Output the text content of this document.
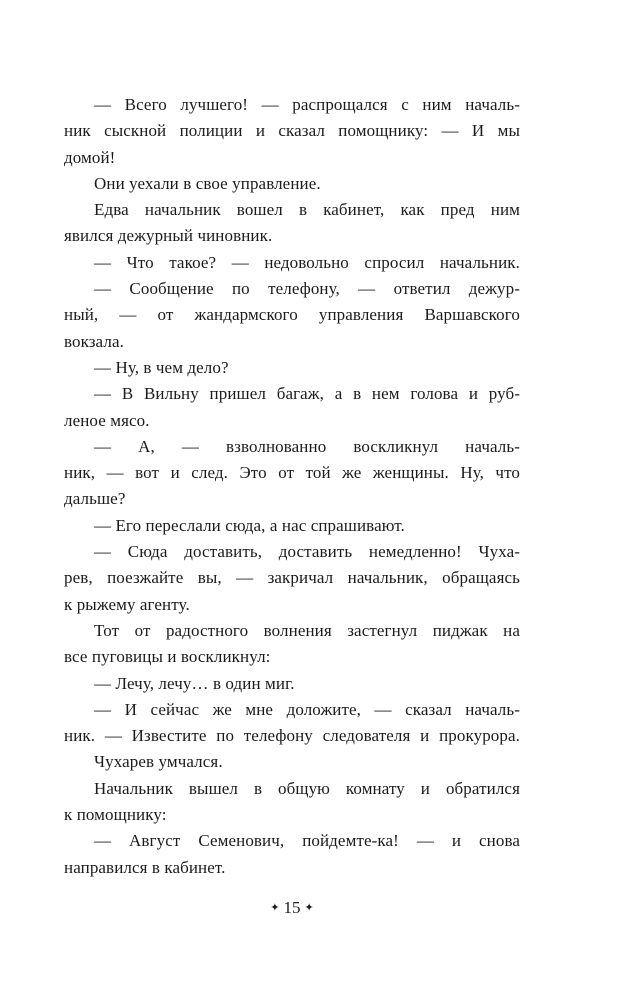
— Всего лучшего! — распрощался с ним началь-
ник сыскной полиции и сказал помощнику: — И мы
домой!
Они уехали в свое управление.
Едва начальник вошел в кабинет, как пред ним
явился дежурный чиновник.
— Что такое? — недовольно спросил начальник.
— Сообщение по телефону, — ответил дежур-
ный, — от жандармского управления Варшавского
вокзала.
— Ну, в чем дело?
— В Вильну пришел багаж, а в нем голова и руб-
леное мясо.
— А, — взволнованно воскликнул началь-
ник, — вот и след. Это от той же женщины. Ну, что
дальше?
— Его переслали сюда, а нас спрашивают.
— Сюда доставить, доставить немедленно! Чуха-
рев, поезжайте вы, — закричал начальник, обращаясь
к рыжему агенту.
Тот от радостного волнения застегнул пиджак на
все пуговицы и воскликнул:
— Лечу, лечу… в один миг.
— И сейчас же мне доложите, — сказал началь-
ник. — Известите по телефону следователя и прокурора.
Чухарев умчался.
Начальник вышел в общую комнату и обратился
к помощнику:
— Август Семенович, пойдемте-ка! — и снова
направился в кабинет.
✦ 15 ✦
